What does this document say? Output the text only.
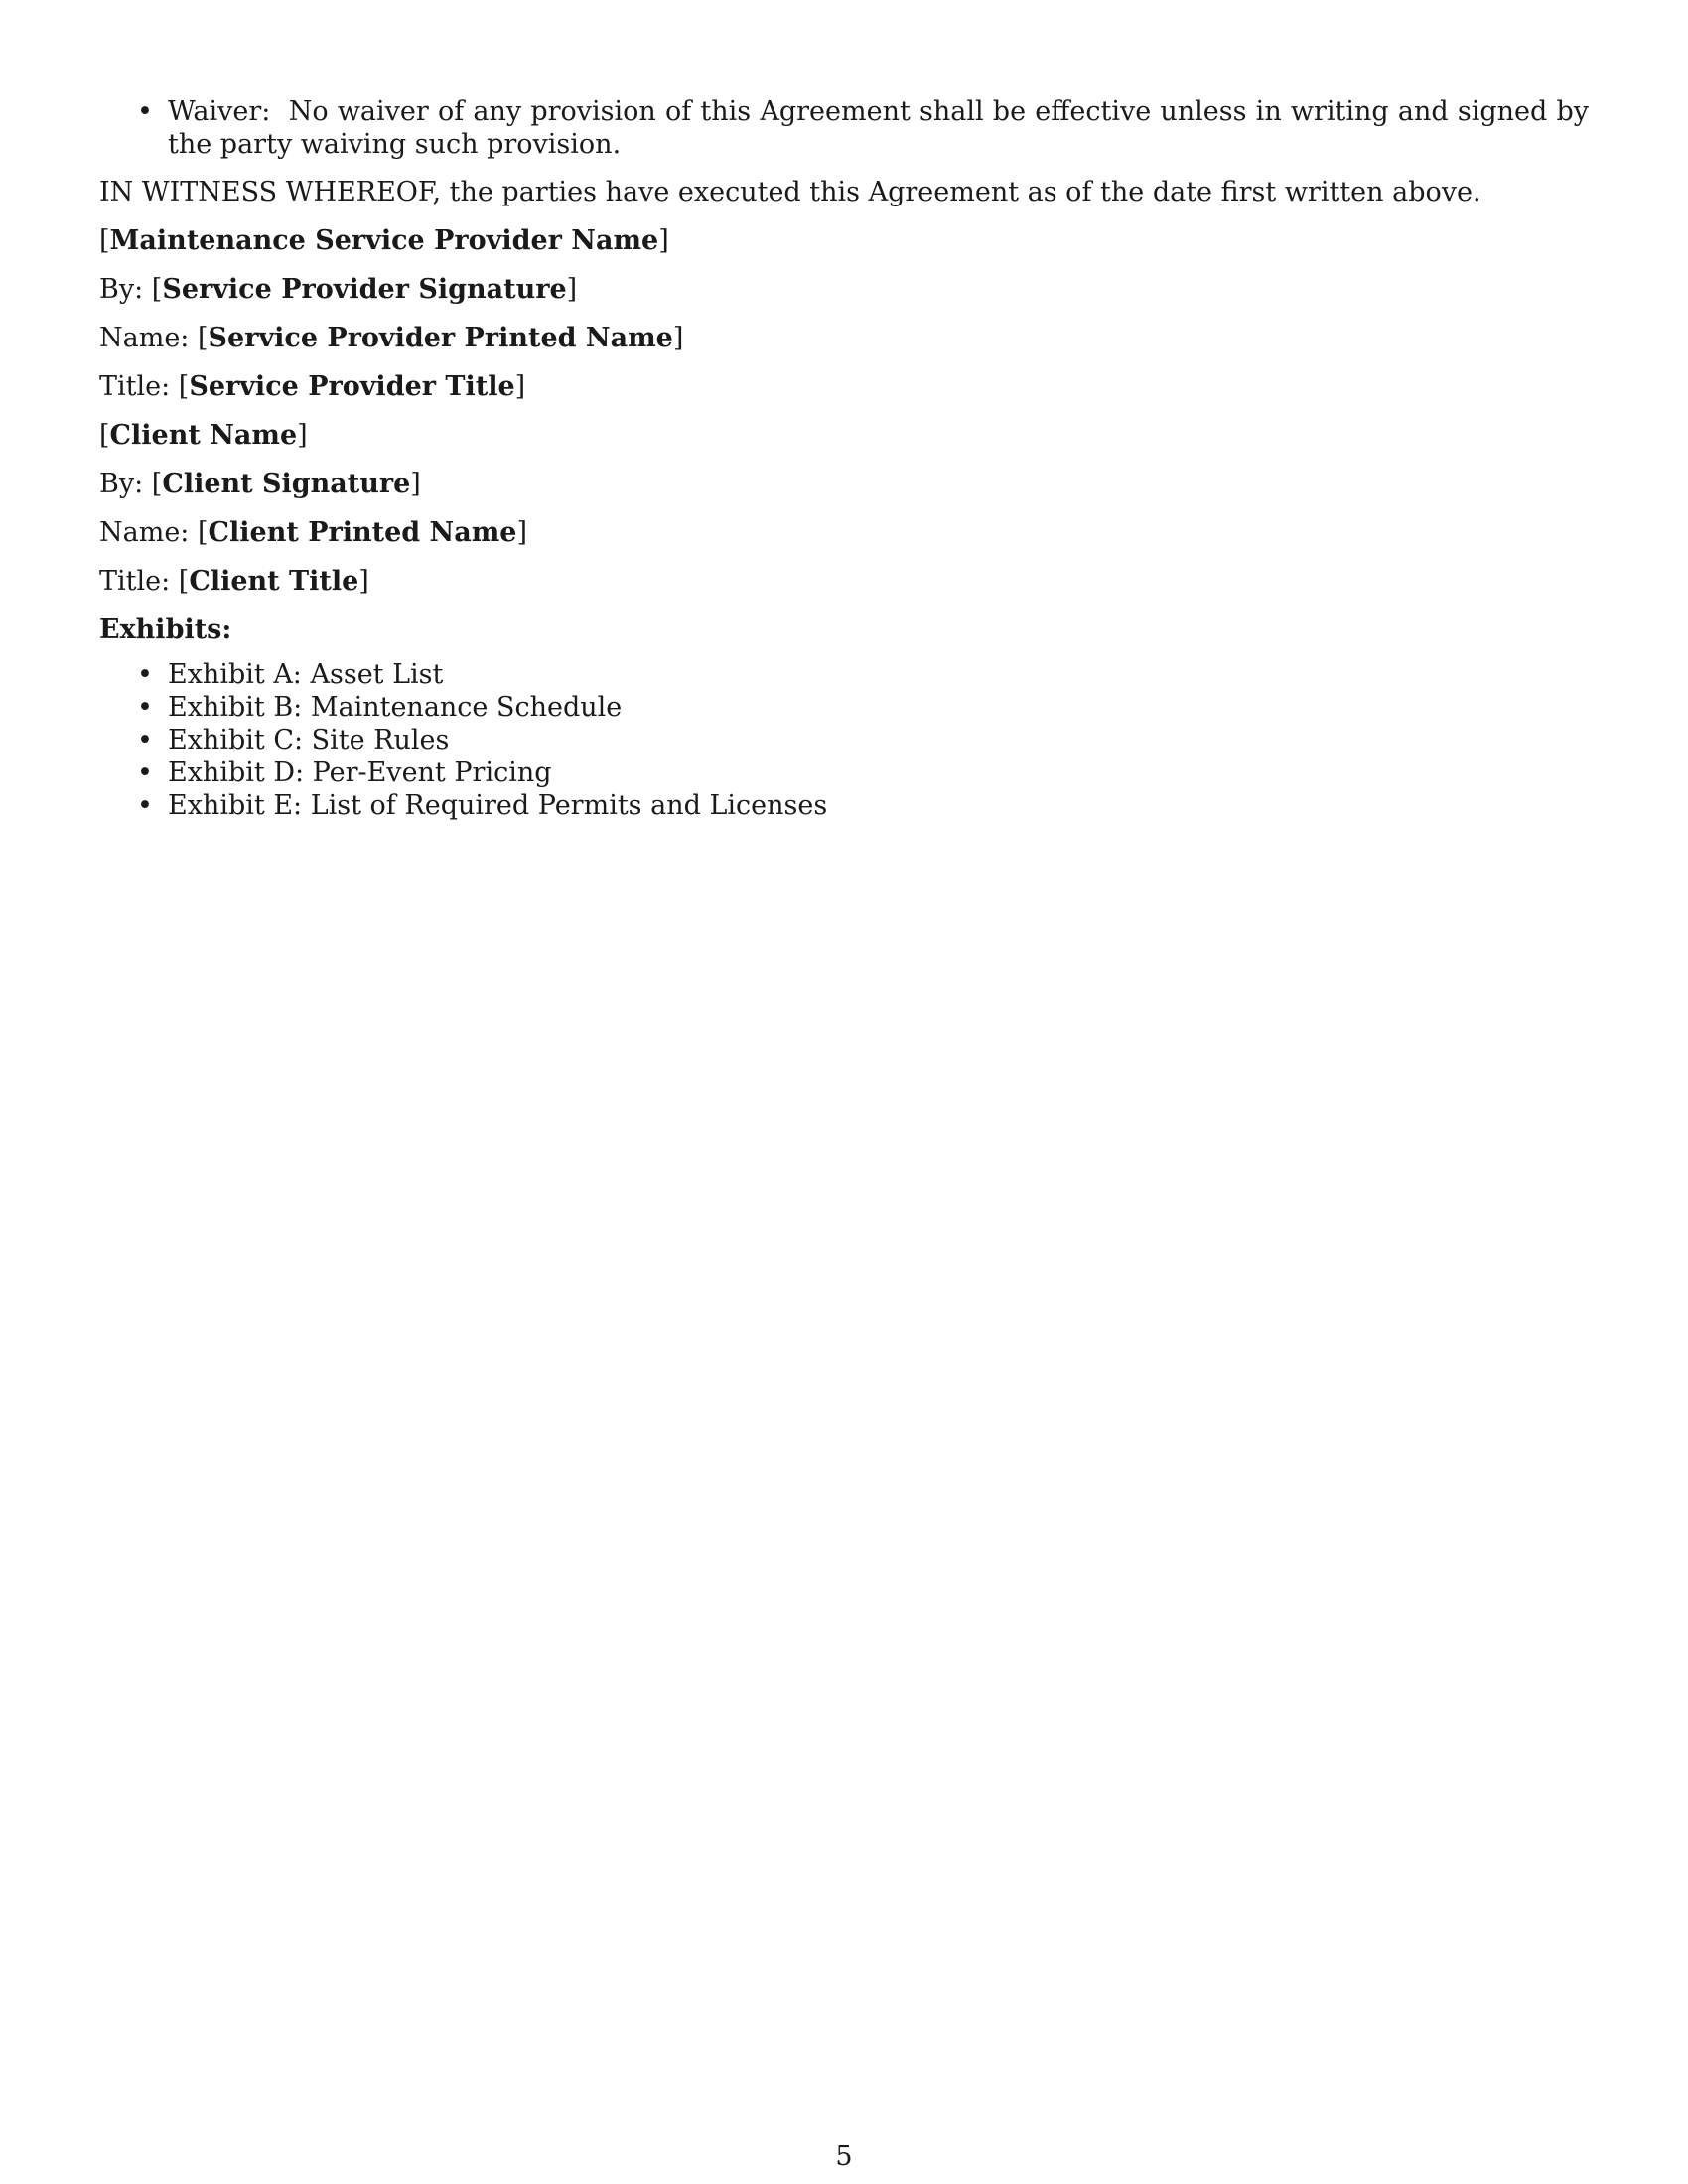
• Waiver: No waiver of any provision of this Agreement shall be effective unless in writing and signed by the party waiving such provision.

IN WITNESS WHEREOF, the parties have executed this Agreement as of the date first written above.

[Maintenance Service Provider Name]

By: [Service Provider Signature]

Name: [Service Provider Printed Name]

Title: [Service Provider Title]

[Client Name]

By: [Client Signature]

Name: [Client Printed Name]

Title: [Client Title]

Exhibits:

• Exhibit A: Asset List
• Exhibit B: Maintenance Schedule
• Exhibit C: Site Rules
• Exhibit D: Per-Event Pricing
• Exhibit E: List of Required Permits and Licenses
5
